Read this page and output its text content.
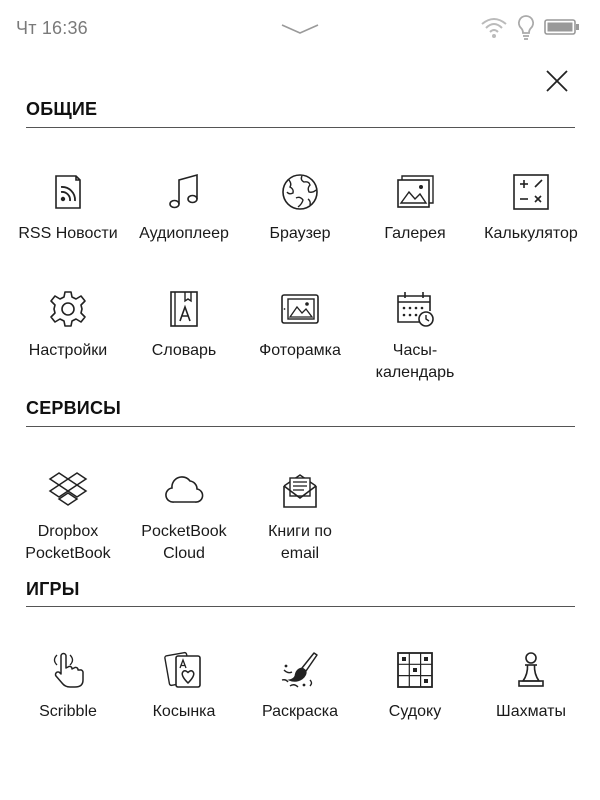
Чт 16:36
ОБЩИЕ
RSS Новости Аудиоплеер	Браузер	Галерея Калькулятор
Настройки	Словарь	Фоторамка	Часы-
календарь
СЕРВИСЫ
Dropbox
PocketBook
PocketBook
Cloud
Книги по
email
ИГРЫ
Scribble	Косынка	Раскраска	Судоку	Шахматы
